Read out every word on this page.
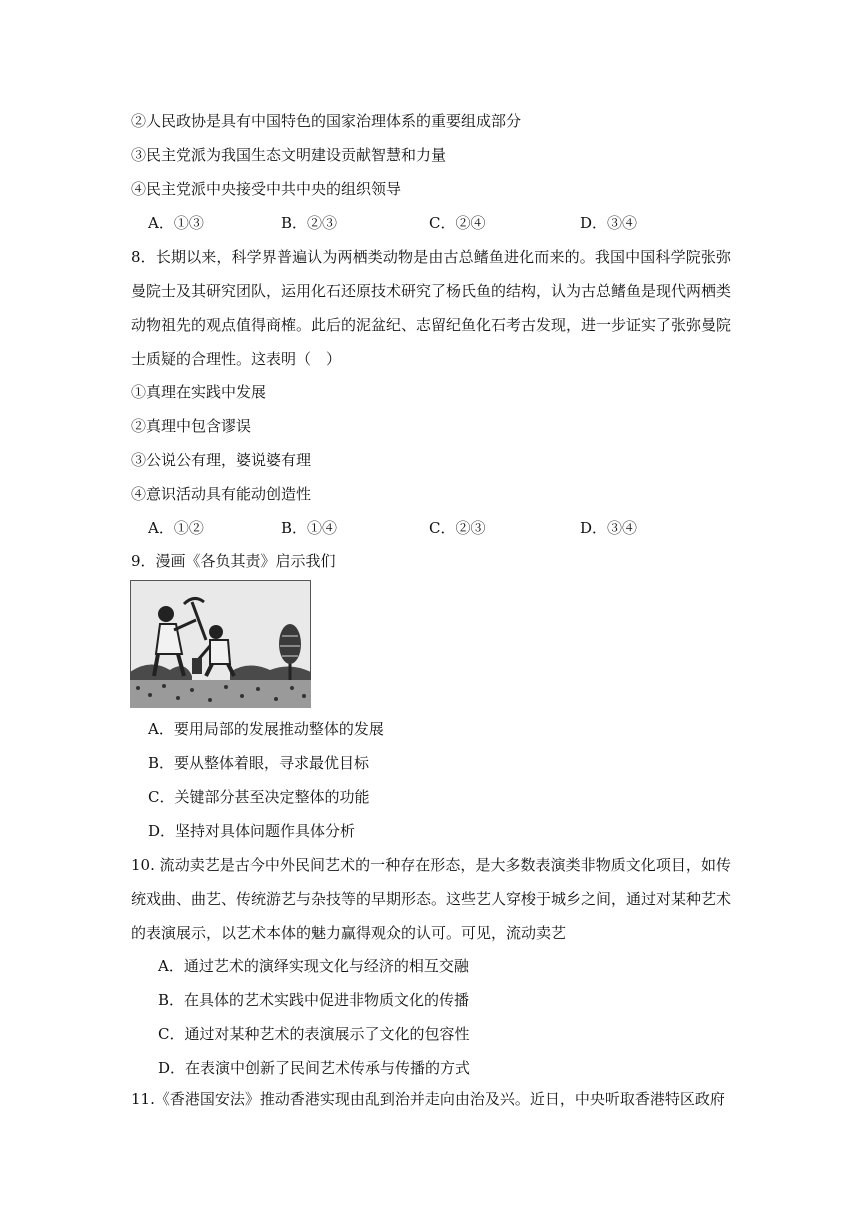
②人民政协是具有中国特色的国家治理体系的重要组成部分
③民主党派为我国生态文明建设贡献智慧和力量
④民主党派中央接受中共中央的组织领导
A．①③	B．②③	C．②④	D．③④
8．长期以来，科学界普遍认为两栖类动物是由古总鳍鱼进化而来的。我国中国科学院张弥曼院士及其研究团队，运用化石还原技术研究了杨氏鱼的结构，认为古总鳍鱼是现代两栖类动物祖先的观点值得商榷。此后的泥盆纪、志留纪鱼化石考古发现，进一步证实了张弥曼院士质疑的合理性。这表明（　）
①真理在实践中发展
②真理中包含谬误
③公说公有理，婆说婆有理
④意识活动具有能动创造性
A．①②	B．①④	C．②③	D．③④
9．漫画《各负其责》启示我们
A．要用局部的发展推动整体的发展
B．要从整体着眼，寻求最优目标
C．关键部分甚至决定整体的功能
D．坚持对具体问题作具体分析
10. 流动卖艺是古今中外民间艺术的一种存在形态，是大多数表演类非物质文化项目，如传统戏曲、曲艺、传统游艺与杂技等的早期形态。这些艺人穿梭于城乡之间，通过对某种艺术的表演展示，以艺术本体的魅力赢得观众的认可。可见，流动卖艺
A．通过艺术的演绎实现文化与经济的相互交融
B．在具体的艺术实践中促进非物质文化的传播
C．通过对某种艺术的表演展示了文化的包容性
D．在表演中创新了民间艺术传承与传播的方式
11.《香港国安法》推动香港实现由乱到治并走向由治及兴。近日，中央听取香港特区政府
